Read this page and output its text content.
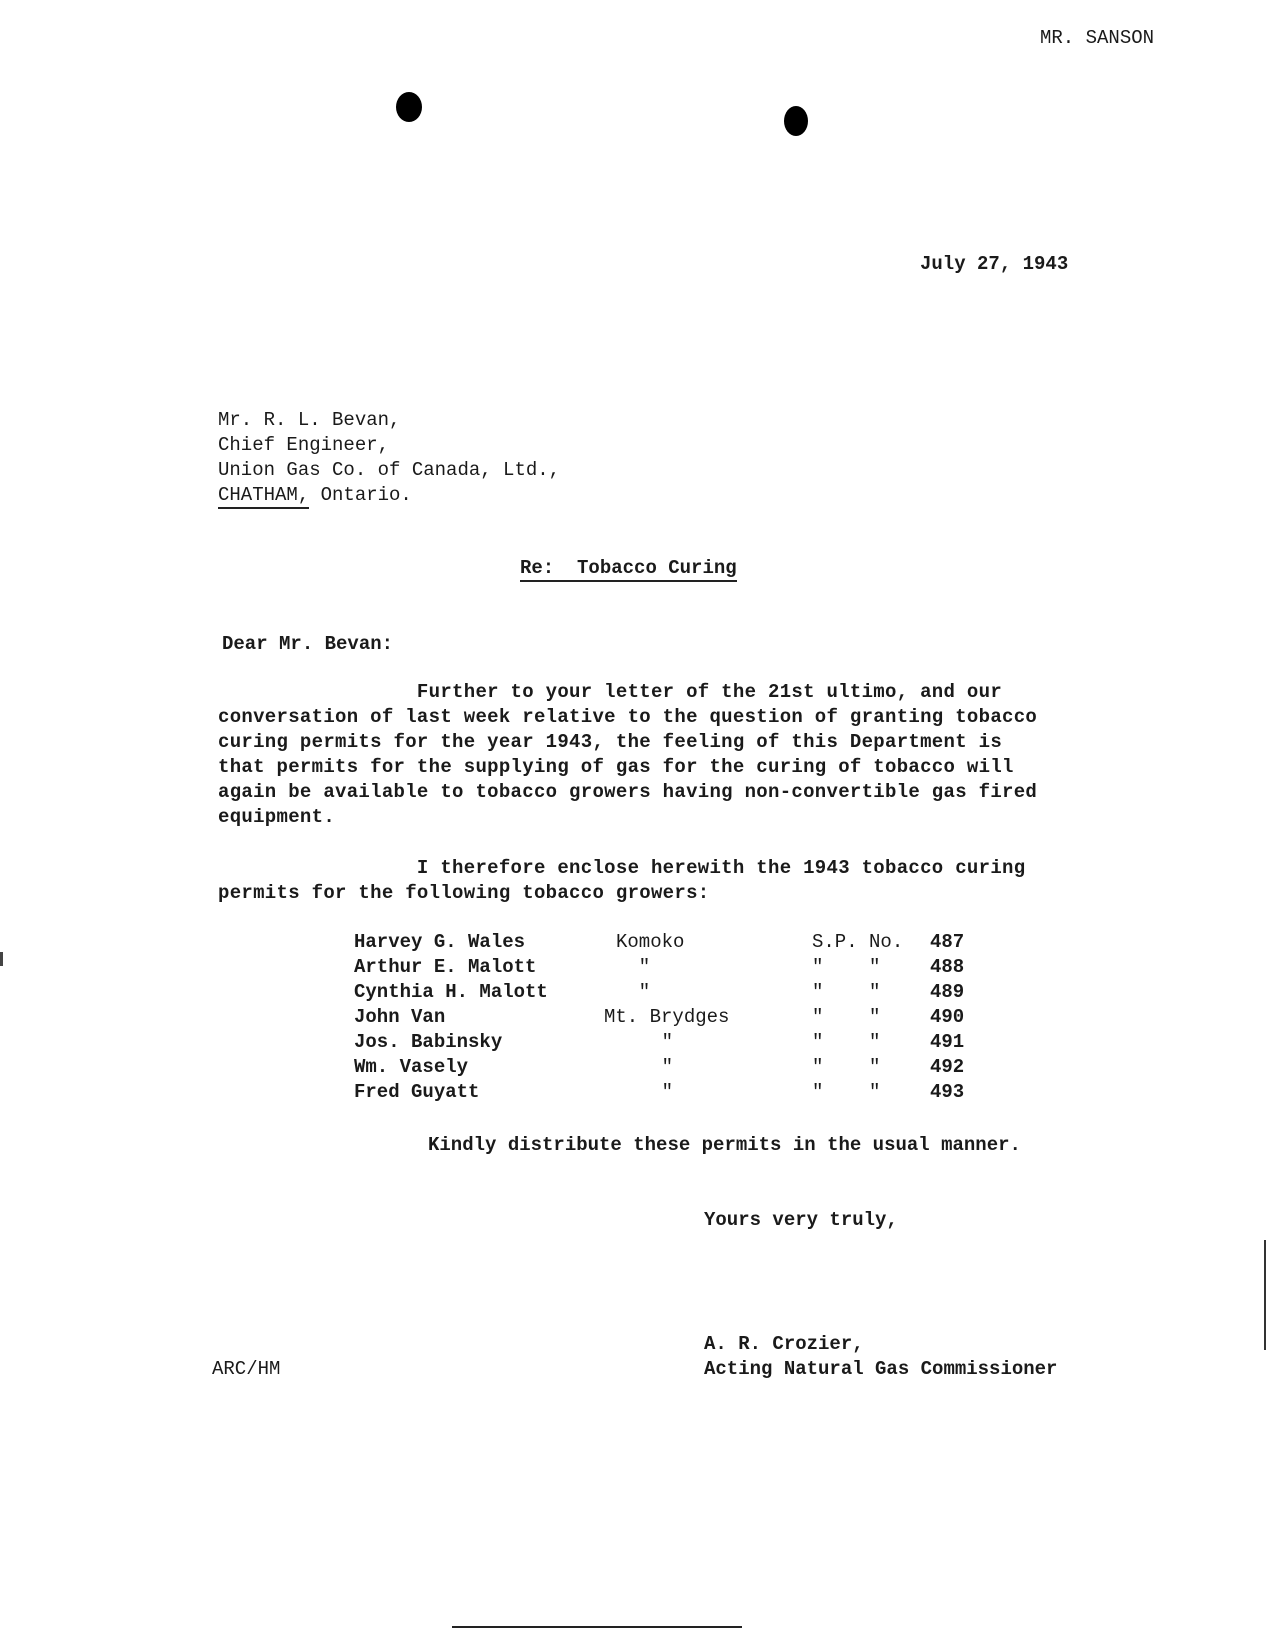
MR. SANSON
July 27, 1943
Mr. R. L. Bevan,
Chief Engineer,
Union Gas Co. of Canada, Ltd.,
CHATHAM, Ontario.
Re: Tobacco Curing
Dear Mr. Bevan:
Further to your letter of the 21st ultimo, and our
conversation of last week relative to the question of granting tobacco
curing permits for the year 1943, the feeling of this Department is
that permits for the supplying of gas for the curing of tobacco will
again be available to tobacco growers having non-convertible gas fired
equipment.
I therefore enclose herewith the 1943 tobacco curing
permits for the following tobacco growers:
Harvey G. Wales	Komoko	S.P. No. 487
Arthur E. Malott	"	"    "	488
Cynthia H. Malott	"	"    "	489
John Van	Mt. Brydges	"    "	490
Jos. Babinsky	"	"    "	491
Wm. Vasely	"	"    "	492
Fred Guyatt	"	"    "	493
Kindly distribute these permits in the usual manner.
Yours very truly,
A. R. Crozier,
Acting Natural Gas Commissioner
ARC/HM
